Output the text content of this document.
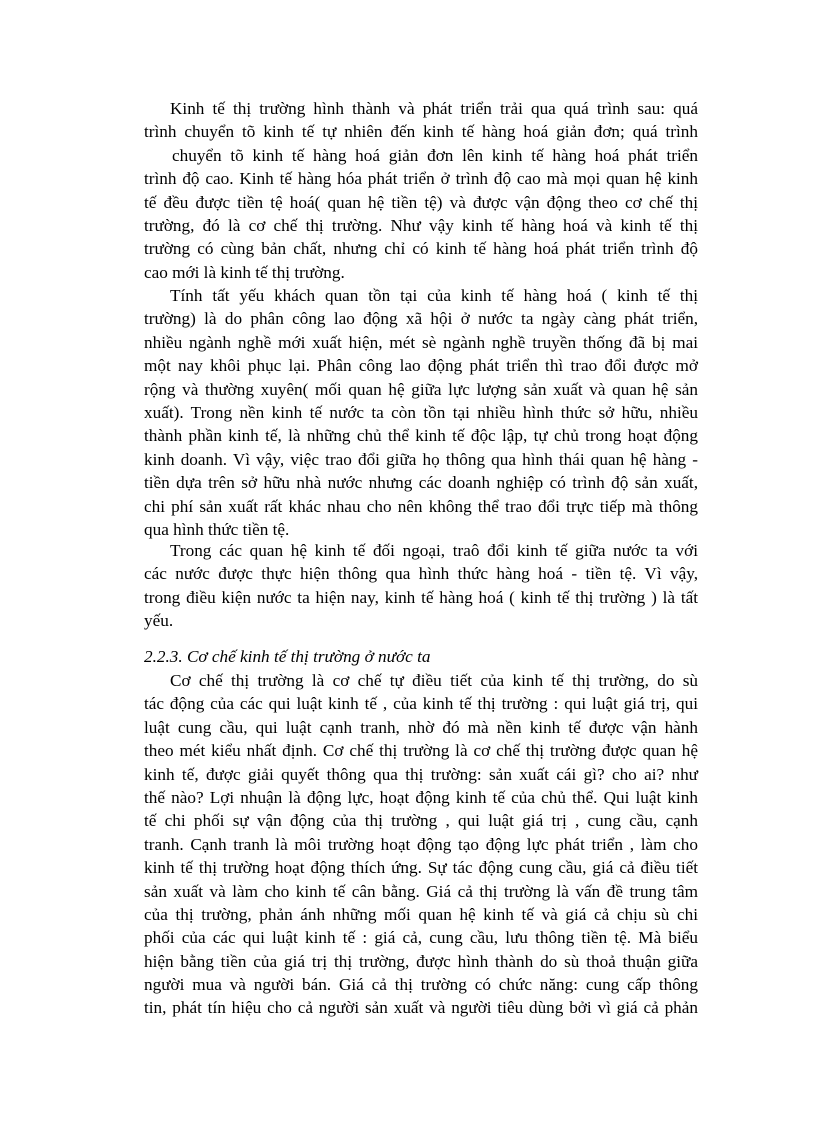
Kinh tế thị trường hình thành và phát triển trải qua quá trình sau: quá
trình chuyển tõ kinh tế tự nhiên đến kinh tế hàng hoá giản đơn; quá trình
chuyển tõ kinh tế hàng hoá giản đơn lên kinh tế hàng hoá phát triển
trình độ cao. Kinh tế hàng hóa phát triển ở trình độ cao mà mọi quan hệ kinh
tế đều được tiền tệ hoá( quan hệ tiền tệ) và được vận động theo cơ chế thị
trường, đó là cơ chế thị trường. Như vậy kinh tế hàng hoá và kinh tế thị
trường có cùng bản chất, nhưng chỉ có kinh tế hàng hoá phát triển trình độ
cao mới là kinh tế thị trường.
Tính tất yếu khách quan tồn tại của kinh tế hàng hoá ( kinh tế thị
trường) là do phân công lao động xã hội ở nước ta ngày càng phát triển,
nhiều ngành nghề mới xuất hiện, mét sè ngành nghề truyền thống đã bị mai
một nay khôi phục lại. Phân công lao động phát triển thì trao đổi được mở
rộng và thường xuyên( mối quan hệ giữa lực lượng sản xuất và quan hệ sản
xuất). Trong nền kinh tế nước ta còn tồn tại nhiều hình thức sở hữu, nhiều
thành phần kinh tế, là những chủ thể kinh tế độc lập, tự chủ trong hoạt động
kinh doanh. Vì vậy, việc trao đổi giữa họ thông qua hình thái quan hệ hàng -
tiền dựa trên sở hữu nhà nước nhưng các doanh nghiệp có trình độ sản xuất,
chi phí sản xuất rất khác nhau cho nên không thể trao đổi trực tiếp mà thông
qua hình thức tiền tệ.
Trong các quan hệ kinh tế đối ngoại, traô đổi kinh tế giữa nước ta với
các nước được thực hiện thông qua hình thức hàng hoá - tiền tệ. Vì vậy,
trong điều kiện nước ta hiện nay, kinh tế hàng hoá ( kinh tế thị trường ) là tất
yếu.
2.2.3. Cơ chế kinh tế thị trường ở nước ta
Cơ chế thị trường là cơ chế tự điều tiết của kinh tế thị trường, do sù
tác động của các qui luật kinh tế , của kinh tế thị trường : qui luật giá trị, qui
luật cung cầu, qui luật cạnh tranh, nhờ đó mà nền kinh tế được vận hành
theo mét kiểu nhất định. Cơ chế thị trường là cơ chế thị trường được quan hệ
kinh tế, được giải quyết thông qua thị trường: sản xuất cái gì? cho ai? như
thế nào? Lợi nhuận là động lực, hoạt động kinh tế của chủ thể. Qui luật kinh
tế chi phối sự vận động của thị trường , qui luật giá trị , cung cầu, cạnh
tranh. Cạnh tranh là môi trường hoạt động tạo động lực phát triển , làm cho
kinh tế thị trường hoạt động thích ứng. Sự tác động cung cầu, giá cả điều tiết
sản xuất và làm cho kinh tế cân bằng. Giá cả thị trường là vấn đề trung tâm
của thị trường, phản ánh những mối quan hệ kinh tế và giá cả chịu sù chi
phối của các qui luật kinh tế : giá cả, cung cầu, lưu thông tiền tệ. Mà biểu
hiện bằng tiền của giá trị thị trường, được hình thành do sù thoả thuận giữa
người mua và người bán. Giá cả thị trường có chức năng: cung cấp thông
tin, phát tín hiệu cho cả người sản xuất và người tiêu dùng bởi vì giá cả phản
